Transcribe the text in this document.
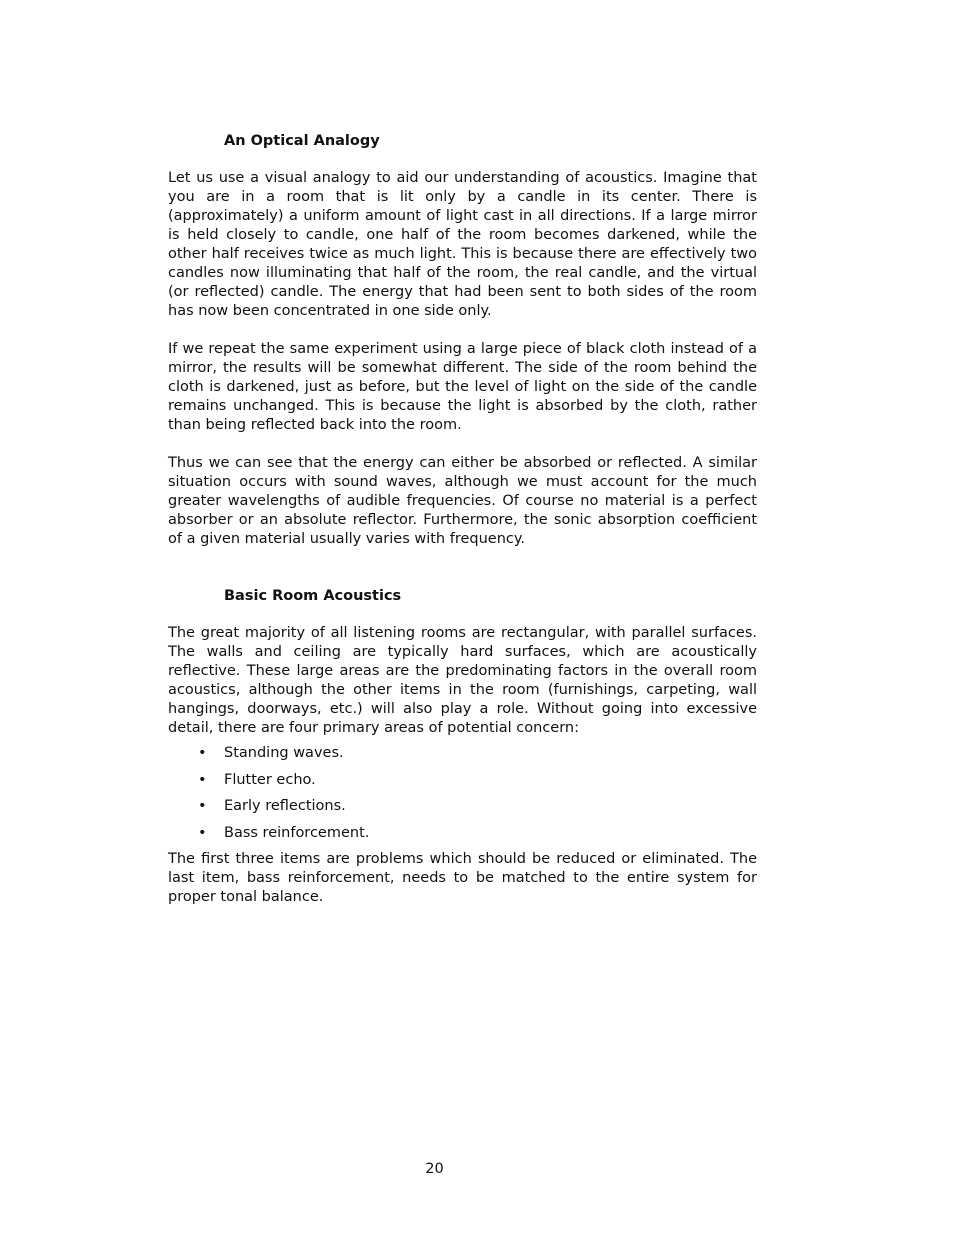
An Optical Analogy

Let us use a visual analogy to aid our understanding of acoustics. Imagine that you are in a room that is lit only by a candle in its center. There is (approximately) a uniform amount of light cast in all directions. If a large mirror is held closely to candle, one half of the room becomes darkened, while the other half receives twice as much light. This is because there are effectively two candles now illuminating that half of the room, the real candle, and the virtual (or reflected) candle. The energy that had been sent to both sides of the room has now been concentrated in one side only.

If we repeat the same experiment using a large piece of black cloth instead of a mirror, the results will be somewhat different. The side of the room behind the cloth is darkened, just as before, but the level of light on the side of the candle remains unchanged. This is because the light is absorbed by the cloth, rather than being reflected back into the room.

Thus we can see that the energy can either be absorbed or reflected. A similar situation occurs with sound waves, although we must account for the much greater wavelengths of audible frequencies. Of course no material is a perfect absorber or an absolute reflector. Furthermore, the sonic absorption coefficient of a given material usually varies with frequency.

Basic Room Acoustics

The great majority of all listening rooms are rectangular, with parallel surfaces. The walls and ceiling are typically hard surfaces, which are acoustically reflective. These large areas are the predominating factors in the overall room acoustics, although the other items in the room (furnishings, carpeting, wall hangings, doorways, etc.) will also play a role. Without going into excessive detail, there are four primary areas of potential concern:

• Standing waves.
• Flutter echo.
• Early reflections.
• Bass reinforcement.

The first three items are problems which should be reduced or eliminated. The last item, bass reinforcement, needs to be matched to the entire system for proper tonal balance.

20
